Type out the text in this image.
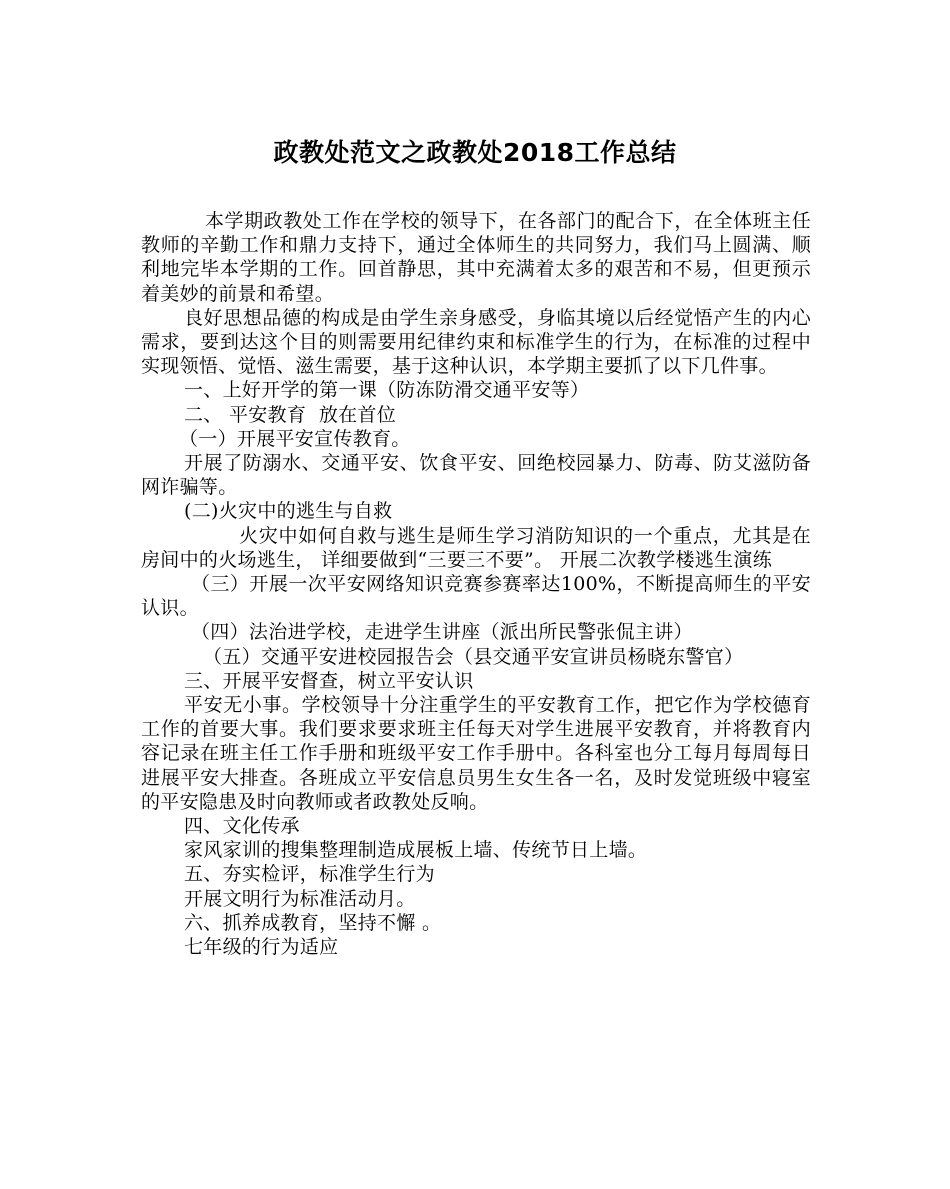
政教处范文之政教处2018工作总结

本学期政教处工作在学校的领导下，在各部门的配合下，在全体班主任教师的辛勤工作和鼎力支持下，通过全体师生的共同努力，我们马上圆满、顺利地完毕本学期的工作。回首静思，其中充满着太多的艰苦和不易，但更预示着美妙的前景和希望。

良好思想品德的构成是由学生亲身感受，身临其境以后经觉悟产生的内心需求，要到达这个目的则需要用纪律约束和标准学生的行为，在标准的过程中实现领悟、觉悟、滋生需要，基于这种认识，本学期主要抓了以下几件事。

一、上好开学的第一课（防冻防滑交通平安等）

二、 平安教育  放在首位

（一）开展平安宣传教育。

开展了防溺水、交通平安、饮食平安、回绝校园暴力、防毒、防艾滋防备网诈骗等。

(二)火灾中的逃生与自救

火灾中如何自救与逃生是师生学习消防知识的一个重点，尤其是在房间中的火场逃生， 详细要做到“三要三不要”。 开展二次教学楼逃生演练

（三）开展一次平安网络知识竞赛参赛率达100%，不断提高师生的平安认识。

（四）法治进学校，走进学生讲座（派出所民警张侃主讲）

（五）交通平安进校园报告会（县交通平安宣讲员杨晓东警官）

三、开展平安督查，树立平安认识

平安无小事。学校领导十分注重学生的平安教育工作，把它作为学校德育工作的首要大事。我们要求要求班主任每天对学生进展平安教育，并将教育内容记录在班主任工作手册和班级平安工作手册中。各科室也分工每月每周每日进展平安大排查。各班成立平安信息员男生女生各一名，及时发觉班级中寝室的平安隐患及时向教师或者政教处反响。

四、文化传承

家风家训的搜集整理制造成展板上墙、传统节日上墙。

五、夯实检评，标准学生行为

开展文明行为标准活动月。

六、抓养成教育，坚持不懈 。

七年级的行为适应
